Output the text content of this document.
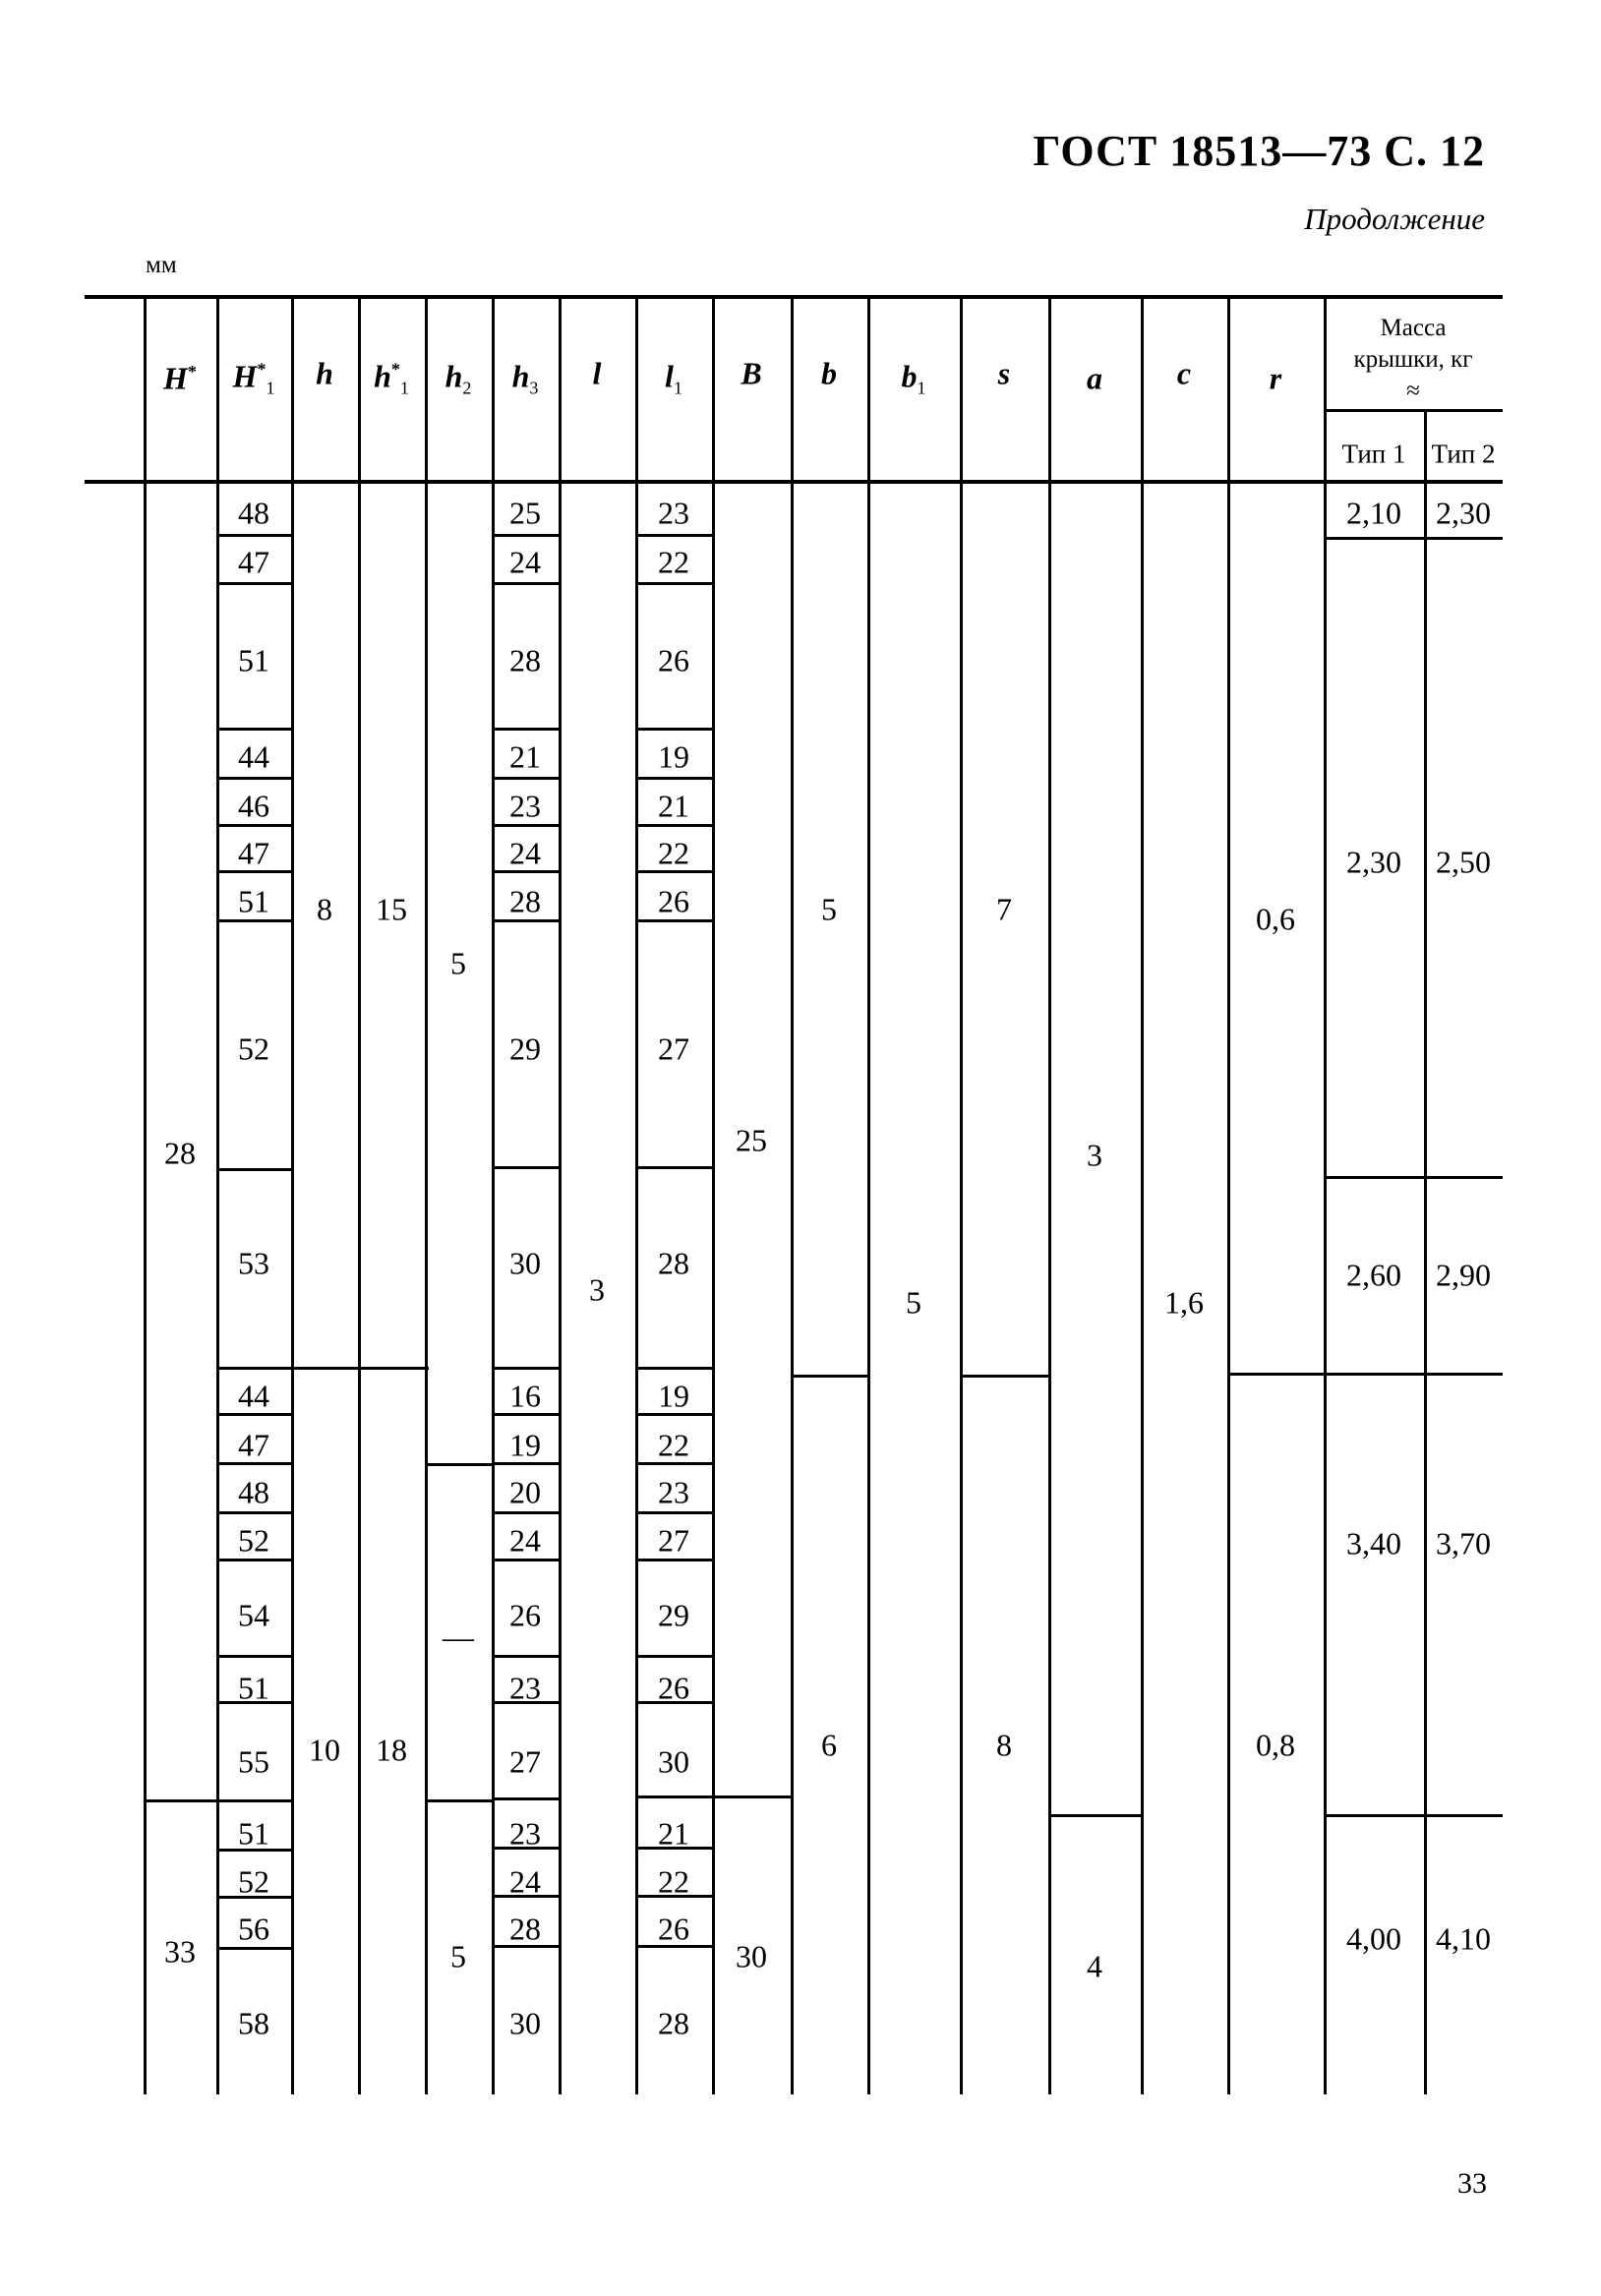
ГОСТ 18513—73 С. 12
Продолжение
мм
H* $H^*_1$ h $h^*_1$ $h_2$ $h_3$ l $l_1$ B b $b_1$ s a c r
Масса
крышки, кг
≈
Тип 1 Тип 2
28
33
48
47
51
44
46
47
51
52
53
44
47
48
52
54
51
55
51
52
56
58
8
10
15
18
5
—
5
25
24
28
21
23
24
28
29
30
16
19
20
24
26
23
27
23
24
28
30
3
23
22
26
19
21
22
26
27
28
19
22
23
27
29
26
30
21
22
26
28
25
30
5
6
5
7
8
3
4
1,6
0,6
0,8
2,10
2,30
2,60
3,40
4,00
2,30
2,50
2,90
3,70
4,10
33
